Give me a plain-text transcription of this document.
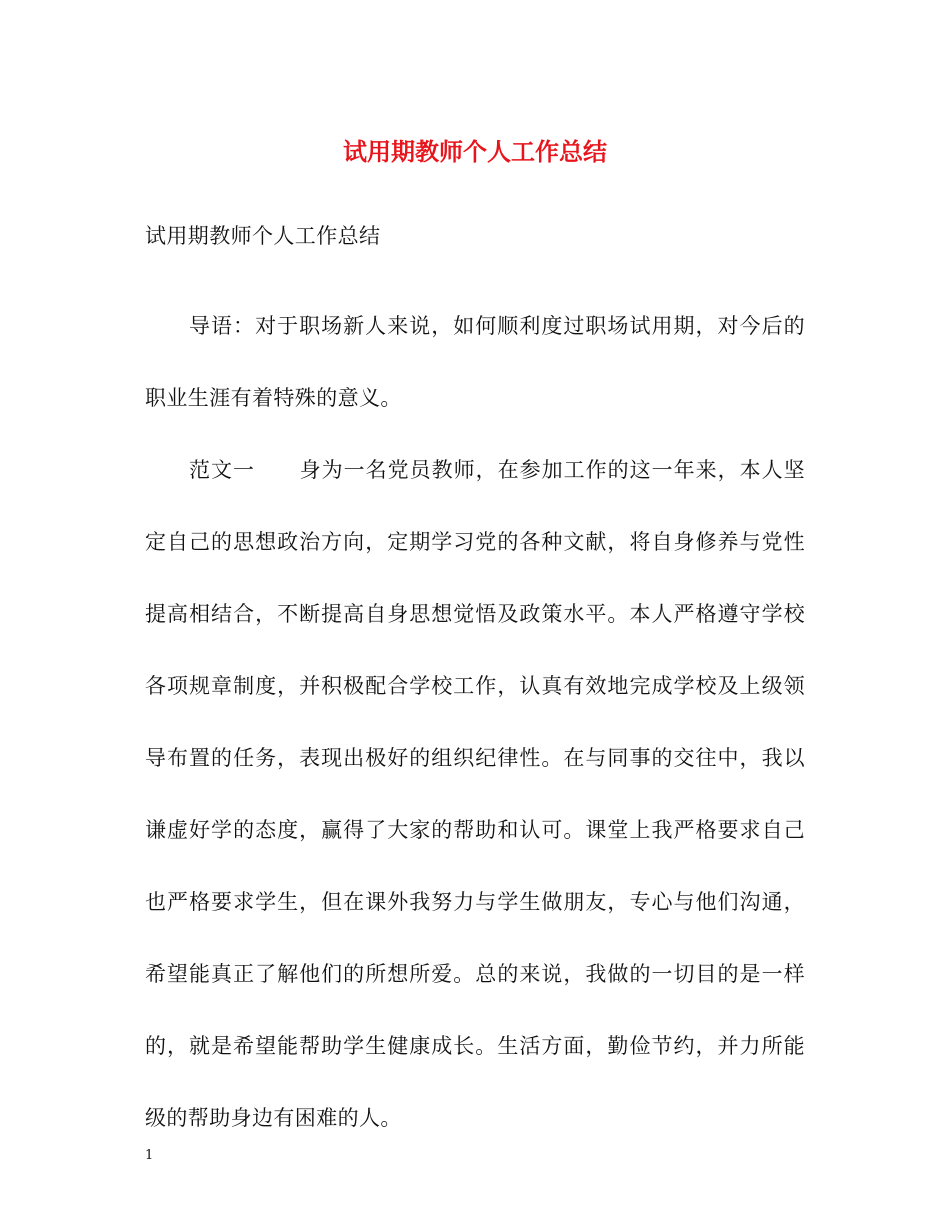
试用期教师个人工作总结

试用期教师个人工作总结

导语：对于职场新人来说，如何顺利度过职场试用期，对今后的职业生涯有着特殊的意义。

范文一 身为一名党员教师，在参加工作的这一年来，本人坚定自己的思想政治方向，定期学习党的各种文献，将自身修养与党性提高相结合，不断提高自身思想觉悟及政策水平。本人严格遵守学校各项规章制度，并积极配合学校工作，认真有效地完成学校及上级领导布置的任务，表现出极好的组织纪律性。在与同事的交往中，我以谦虚好学的态度，赢得了大家的帮助和认可。课堂上我严格要求自己也严格要求学生，但在课外我努力与学生做朋友，专心与他们沟通，希望能真正了解他们的所想所爱。总的来说，我做的一切目的是一样的，就是希望能帮助学生健康成长。生活方面，勤俭节约，并力所能级的帮助身边有困难的人。

1
